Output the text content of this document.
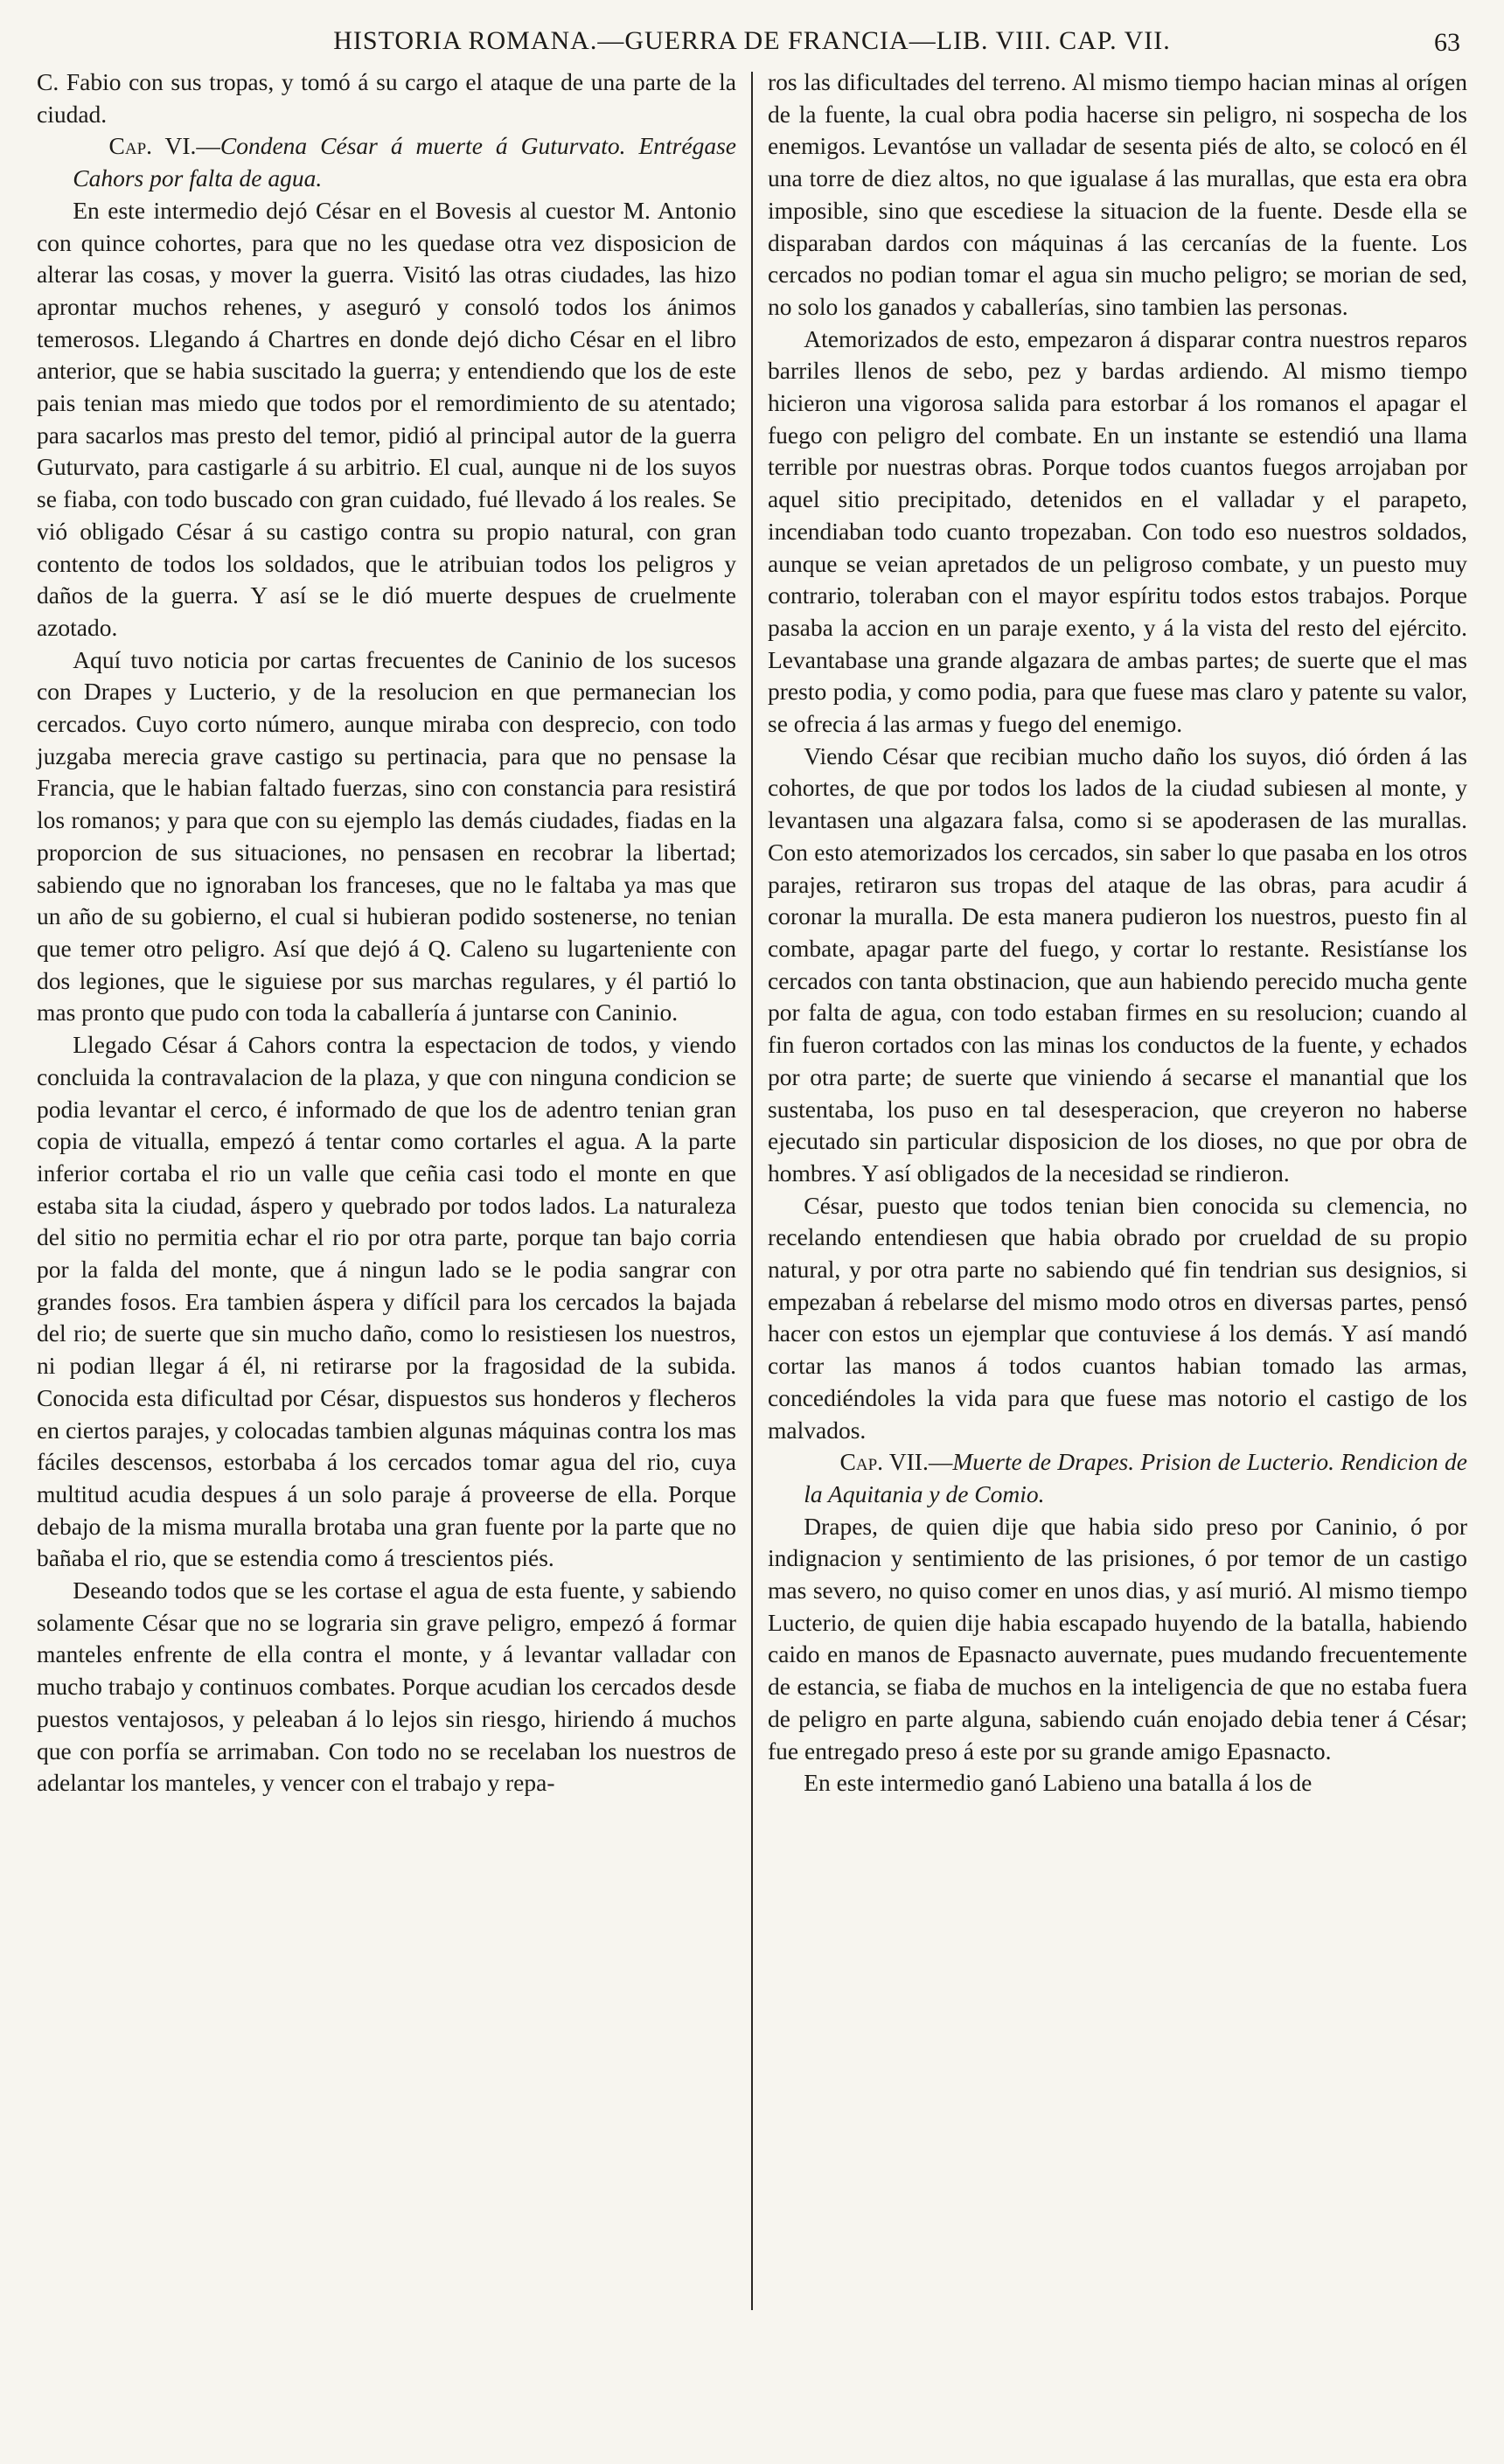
HISTORIA ROMANA.—GUERRA DE FRANCIA—LIB. VIII. CAP. VII.	63

C. Fabio con sus tropas, y tomó á su cargo el ataque de una parte de la ciudad.

Cap. VI.—Condena César á muerte á Guturvato. Entrégase Cahors por falta de agua.

En este intermedio dejó César en el Bovesis al cuestor M. Antonio con quince cohortes, para que no les quedase otra vez disposicion de alterar las cosas, y mover la guerra. Visitó las otras ciudades, las hizo aprontar muchos rehenes, y aseguró y consoló todos los ánimos temerosos. Llegando á Chartres en donde dejó dicho César en el libro anterior, que se habia suscitado la guerra; y entendiendo que los de este pais tenian mas miedo que todos por el remordimiento de su atentado; para sacarlos mas presto del temor, pidió al principal autor de la guerra Guturvato, para castigarle á su arbitrio. El cual, aunque ni de los suyos se fiaba, con todo buscado con gran cuidado, fué llevado á los reales. Se vió obligado César á su castigo contra su propio natural, con gran contento de todos los soldados, que le atribuian todos los peligros y daños de la guerra. Y así se le dió muerte despues de cruelmente azotado.

Aquí tuvo noticia por cartas frecuentes de Caninio de los sucesos con Drapes y Lucterio, y de la resolucion en que permanecian los cercados. Cuyo corto número, aunque miraba con desprecio, con todo juzgaba merecia grave castigo su pertinacia, para que no pensase la Francia, que le habian faltado fuerzas, sino con constancia para resistirá los romanos; y para que con su ejemplo las demás ciudades, fiadas en la proporcion de sus situaciones, no pensasen en recobrar la libertad; sabiendo que no ignoraban los franceses, que no le faltaba ya mas que un año de su gobierno, el cual si hubieran podido sostenerse, no tenian que temer otro peligro. Así que dejó á Q. Caleno su lugarteniente con dos legiones, que le siguiese por sus marchas regulares, y él partió lo mas pronto que pudo con toda la caballería á juntarse con Caninio.

Llegado César á Cahors contra la espectacion de todos, y viendo concluida la contravalacion de la plaza, y que con ninguna condicion se podia levantar el cerco, é informado de que los de adentro tenian gran copia de vitualla, empezó á tentar como cortarles el agua. A la parte inferior cortaba el rio un valle que ceñia casi todo el monte en que estaba sita la ciudad, áspero y quebrado por todos lados. La naturaleza del sitio no permitia echar el rio por otra parte, porque tan bajo corria por la falda del monte, que á ningun lado se le podia sangrar con grandes fosos. Era tambien áspera y difícil para los cercados la bajada del rio; de suerte que sin mucho daño, como lo resistiesen los nuestros, ni podian llegar á él, ni retirarse por la fragosidad de la subida. Conocida esta dificultad por César, dispuestos sus honderos y flecheros en ciertos parajes, y colocadas tambien algunas máquinas contra los mas fáciles descensos, estorbaba á los cercados tomar agua del rio, cuya multitud acudia despues á un solo paraje á proveerse de ella. Porque debajo de la misma muralla brotaba una gran fuente por la parte que no bañaba el rio, que se estendia como á trescientos piés.

Deseando todos que se les cortase el agua de esta fuente, y sabiendo solamente César que no se lograria sin grave peligro, empezó á formar manteles enfrente de ella contra el monte, y á levantar valladar con mucho trabajo y continuos combates. Porque acudian los cercados desde puestos ventajosos, y peleaban á lo lejos sin riesgo, hiriendo á muchos que con porfía se arrimaban. Con todo no se recelaban los nuestros de adelantar los manteles, y vencer con el trabajo y repa-

ros las dificultades del terreno. Al mismo tiempo hacian minas al orígen de la fuente, la cual obra podia hacerse sin peligro, ni sospecha de los enemigos. Levantóse un valladar de sesenta piés de alto, se colocó en él una torre de diez altos, no que igualase á las murallas, que esta era obra imposible, sino que escediese la situacion de la fuente. Desde ella se disparaban dardos con máquinas á las cercanías de la fuente. Los cercados no podian tomar el agua sin mucho peligro; se morian de sed, no solo los ganados y caballerías, sino tambien las personas.

Atemorizados de esto, empezaron á disparar contra nuestros reparos barriles llenos de sebo, pez y bardas ardiendo. Al mismo tiempo hicieron una vigorosa salida para estorbar á los romanos el apagar el fuego con peligro del combate. En un instante se estendió una llama terrible por nuestras obras. Porque todos cuantos fuegos arrojaban por aquel sitio precipitado, detenidos en el valladar y el parapeto, incendiaban todo cuanto tropezaban. Con todo eso nuestros soldados, aunque se veian apretados de un peligroso combate, y un puesto muy contrario, toleraban con el mayor espíritu todos estos trabajos. Porque pasaba la accion en un paraje exento, y á la vista del resto del ejército. Levantabase una grande algazara de ambas partes; de suerte que el mas presto podia, y como podia, para que fuese mas claro y patente su valor, se ofrecia á las armas y fuego del enemigo.

Viendo César que recibian mucho daño los suyos, dió órden á las cohortes, de que por todos los lados de la ciudad subiesen al monte, y levantasen una algazara falsa, como si se apoderasen de las murallas. Con esto atemorizados los cercados, sin saber lo que pasaba en los otros parajes, retiraron sus tropas del ataque de las obras, para acudir á coronar la muralla. De esta manera pudieron los nuestros, puesto fin al combate, apagar parte del fuego, y cortar lo restante. Resistíanse los cercados con tanta obstinacion, que aun habiendo perecido mucha gente por falta de agua, con todo estaban firmes en su resolucion; cuando al fin fueron cortados con las minas los conductos de la fuente, y echados por otra parte; de suerte que viniendo á secarse el manantial que los sustentaba, los puso en tal desesperacion, que creyeron no haberse ejecutado sin particular disposicion de los dioses, no que por obra de hombres. Y así obligados de la necesidad se rindieron.

César, puesto que todos tenian bien conocida su clemencia, no recelando entendiesen que habia obrado por crueldad de su propio natural, y por otra parte no sabiendo qué fin tendrian sus designios, si empezaban á rebelarse del mismo modo otros en diversas partes, pensó hacer con estos un ejemplar que contuviese á los demás. Y así mandó cortar las manos á todos cuantos habian tomado las armas, concediéndoles la vida para que fuese mas notorio el castigo de los malvados.

Cap. VII.—Muerte de Drapes. Prision de Lucterio. Rendicion de la Aquitania y de Comio.

Drapes, de quien dije que habia sido preso por Caninio, ó por indignacion y sentimiento de las prisiones, ó por temor de un castigo mas severo, no quiso comer en unos dias, y así murió. Al mismo tiempo Lucterio, de quien dije habia escapado huyendo de la batalla, habiendo caido en manos de Epasnacto auvernate, pues mudando frecuentemente de estancia, se fiaba de muchos en la inteligencia de que no estaba fuera de peligro en parte alguna, sabiendo cuán enojado debia tener á César; fue entregado preso á este por su grande amigo Epasnacto.

En este intermedio ganó Labieno una batalla á los de
